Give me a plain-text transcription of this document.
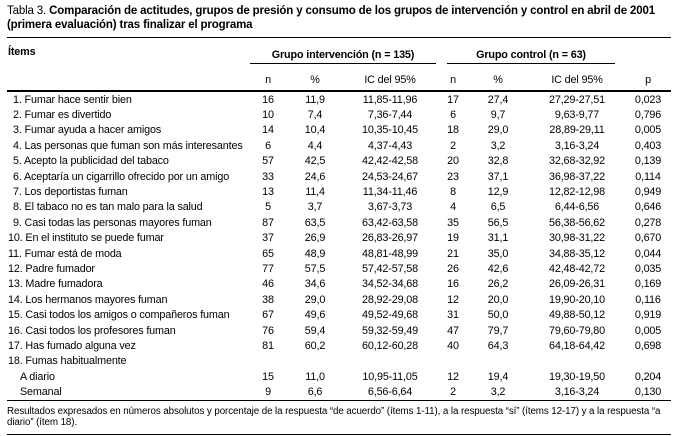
Tabla 3. Comparación de actitudes, grupos de presión y consumo de los grupos de intervención y control en abril de 2001 (primera evaluación) tras finalizar el programa
Ítems	Grupo intervención (n = 135)			Grupo control (n = 63)			

	n	%	IC del 95%	n	%	IC del 95%	p
1. Fumar hace sentir bien	16	11,9	11,85-11,96	17	27,4	27,29-27,51	0,023
2. Fumar es divertido	10	7,4	7,36-7,44	6	9,7	9,63-9,77	0,796
3. Fumar ayuda a hacer amigos	14	10,4	10,35-10,45	18	29,0	28,89-29,11	0,005
4. Las personas que fuman son más interesantes	6	4,4	4,37-4,43	2	3,2	3,16-3,24	0,403
5. Acepto la publicidad del tabaco	57	42,5	42,42-42,58	20	32,8	32,68-32,92	0,139
6. Aceptaría un cigarrillo ofrecido por un amigo	33	24,6	24,53-24,67	23	37,1	36,98-37,22	0,114
7. Los deportistas fuman	13	11,4	11,34-11,46	8	12,9	12,82-12,98	0,949
8. El tabaco no es tan malo para la salud	5	3,7	3,67-3,73	4	6,5	6,44-6,56	0,646
9. Casi todas las personas mayores fuman	87	63,5	63,42-63,58	35	56,5	56,38-56,62	0,278
10. En el instituto se puede fumar	37	26,9	26,83-26,97	19	31,1	30,98-31,22	0,670
11. Fumar está de moda	65	48,9	48,81-48,99	21	35,0	34,88-35,12	0,044
12. Padre fumador	77	57,5	57,42-57,58	26	42,6	42,48-42,72	0,035
13. Madre fumadora	46	34,6	34,52-34,68	16	26,2	26,09-26,31	0,169
14. Los hermanos mayores fuman	38	29,0	28,92-29,08	12	20,0	19,90-20,10	0,116
15. Casi todos los amigos o compañeros fuman	67	49,6	49,52-49,68	31	50,0	49,88-50,12	0,919
16. Casi todos los profesores fuman	76	59,4	59,32-59,49	47	79,7	79,60-79,80	0,005
17. Has fumado alguna vez	81	60,2	60,12-60,28	40	64,3	64,18-64,42	0,698
18. Fumas habitualmente							
A diario	15	11,0	10,95-11,05	12	19,4	19,30-19,50	0,204
Semanal	9	6,6	6,56-6,64	2	3,2	3,16-3,24	0,130
Resultados expresados en números absolutos y porcentaje de la respuesta “de acuerdo” (ítems 1-11), a la respuesta “sí” (ítems 12-17) y a la respuesta “a diario” (ítem 18).
